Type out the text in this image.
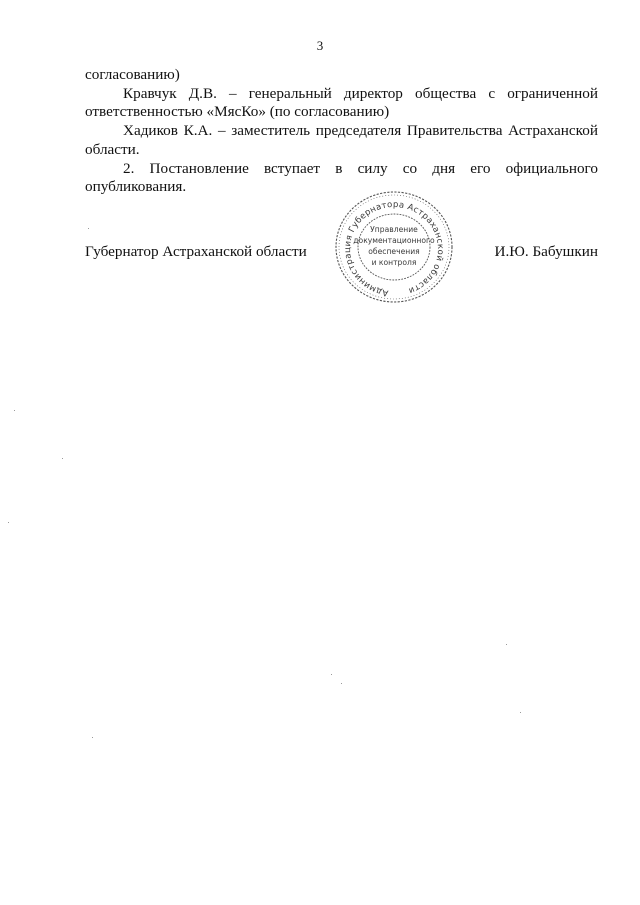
3

согласованию)

Кравчук Д.В. – генеральный директор общества с ограниченной ответственностью «МясКо» (по согласованию)

Хадиков К.А. – заместитель председателя Правительства Астраханской области.

2. Постановление вступает в силу со дня его официального опубликования.

Губернатор Астраханской области	И.Ю. Бабушкин
Администрация Губернатора Астраханской области
Управление
документационного
обеспечения
и контроля
